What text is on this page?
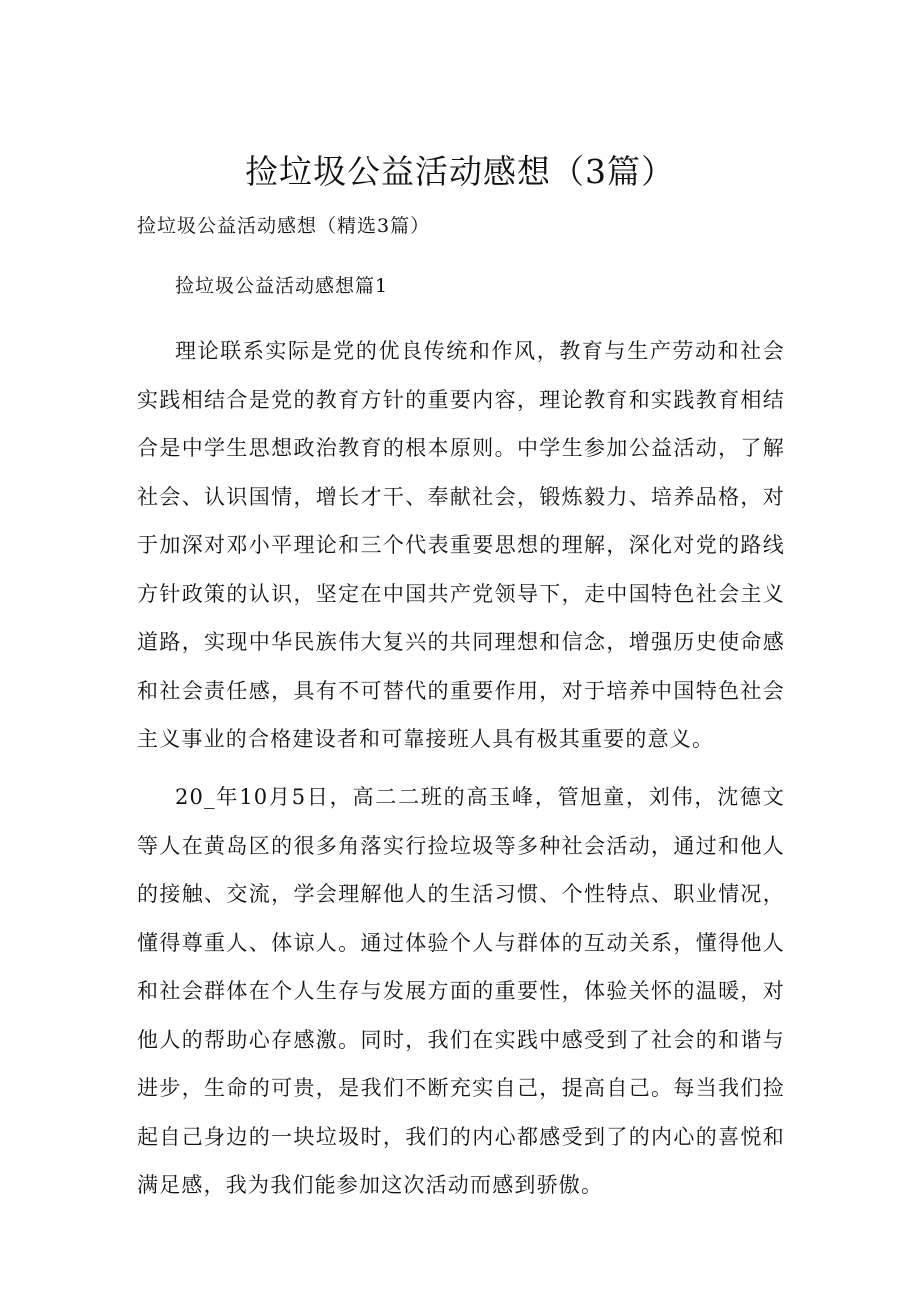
捡垃圾公益活动感想（3篇）

捡垃圾公益活动感想（精选3篇）

捡垃圾公益活动感想篇1

理论联系实际是党的优良传统和作风，教育与生产劳动和社会实践相结合是党的教育方针的重要内容，理论教育和实践教育相结合是中学生思想政治教育的根本原则。中学生参加公益活动，了解社会、认识国情，增长才干、奉献社会，锻炼毅力、培养品格，对于加深对邓小平理论和三个代表重要思想的理解，深化对党的路线方针政策的认识，坚定在中国共产党领导下，走中国特色社会主义道路，实现中华民族伟大复兴的共同理想和信念，增强历史使命感和社会责任感，具有不可替代的重要作用，对于培养中国特色社会主义事业的合格建设者和可靠接班人具有极其重要的意义。

20_年10月5日，高二二班的高玉峰，管旭童，刘伟，沈德文等人在黄岛区的很多角落实行捡垃圾等多种社会活动，通过和他人的接触、交流，学会理解他人的生活习惯、个性特点、职业情况，懂得尊重人、体谅人。通过体验个人与群体的互动关系，懂得他人和社会群体在个人生存与发展方面的重要性，体验关怀的温暖，对他人的帮助心存感激。同时，我们在实践中感受到了社会的和谐与进步，生命的可贵，是我们不断充实自己，提高自己。每当我们捡起自己身边的一块垃圾时，我们的内心都感受到了的内心的喜悦和满足感，我为我们能参加这次活动而感到骄傲。
